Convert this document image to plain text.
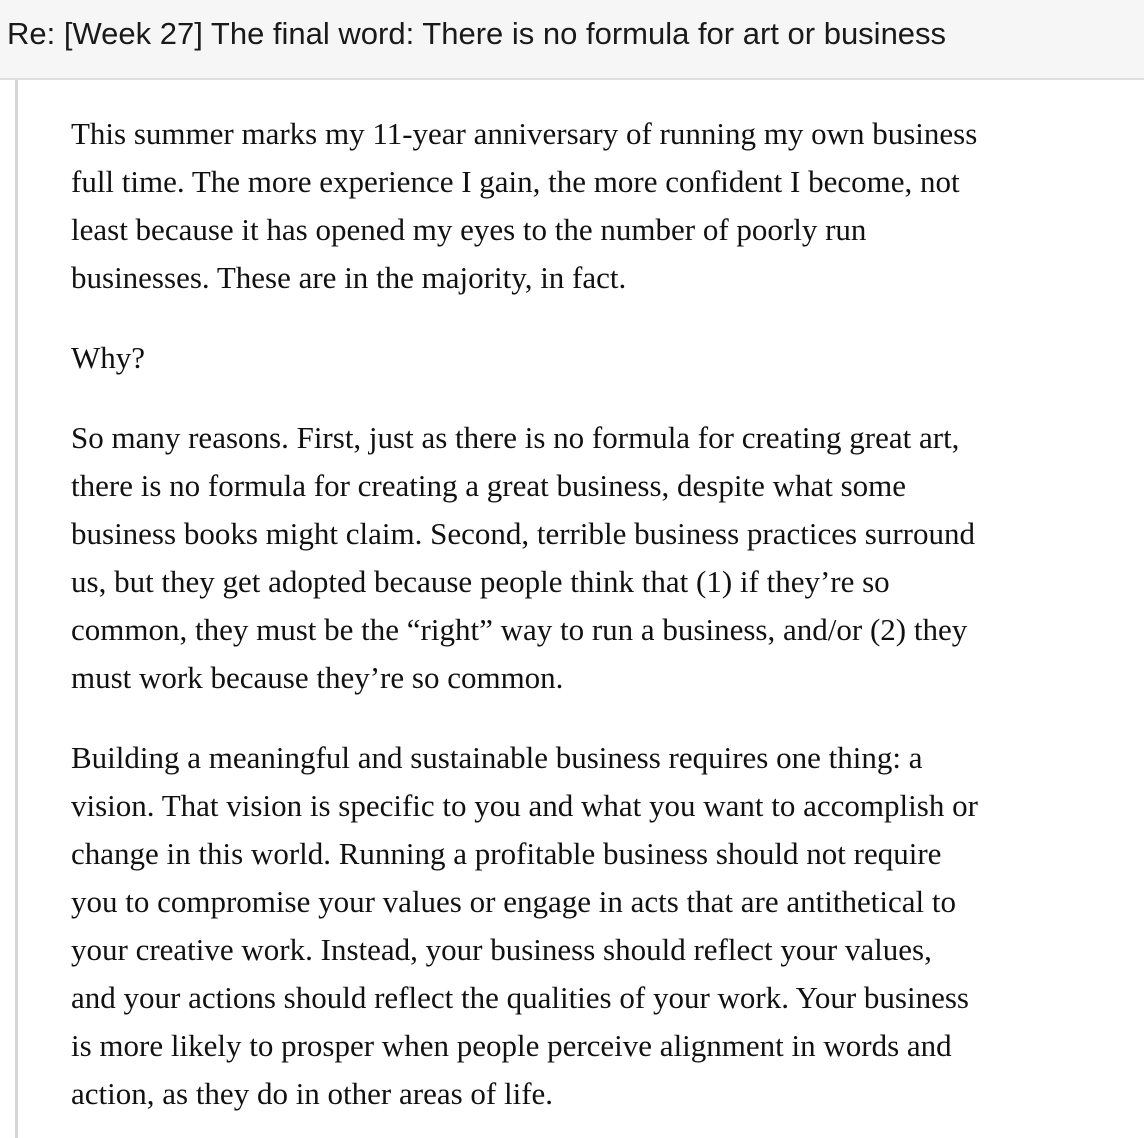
Re: [Week 27] The final word: There is no formula for art or business

This summer marks my 11-year anniversary of running my own business
full time. The more experience I gain, the more confident I become, not
least because it has opened my eyes to the number of poorly run
businesses. These are in the majority, in fact.

Why?

So many reasons. First, just as there is no formula for creating great art,
there is no formula for creating a great business, despite what some
business books might claim. Second, terrible business practices surround
us, but they get adopted because people think that (1) if they’re so
common, they must be the “right” way to run a business, and/or (2) they
must work because they’re so common.

Building a meaningful and sustainable business requires one thing: a
vision. That vision is specific to you and what you want to accomplish or
change in this world. Running a profitable business should not require
you to compromise your values or engage in acts that are antithetical to
your creative work. Instead, your business should reflect your values,
and your actions should reflect the qualities of your work. Your business
is more likely to prosper when people perceive alignment in words and
action, as they do in other areas of life.
